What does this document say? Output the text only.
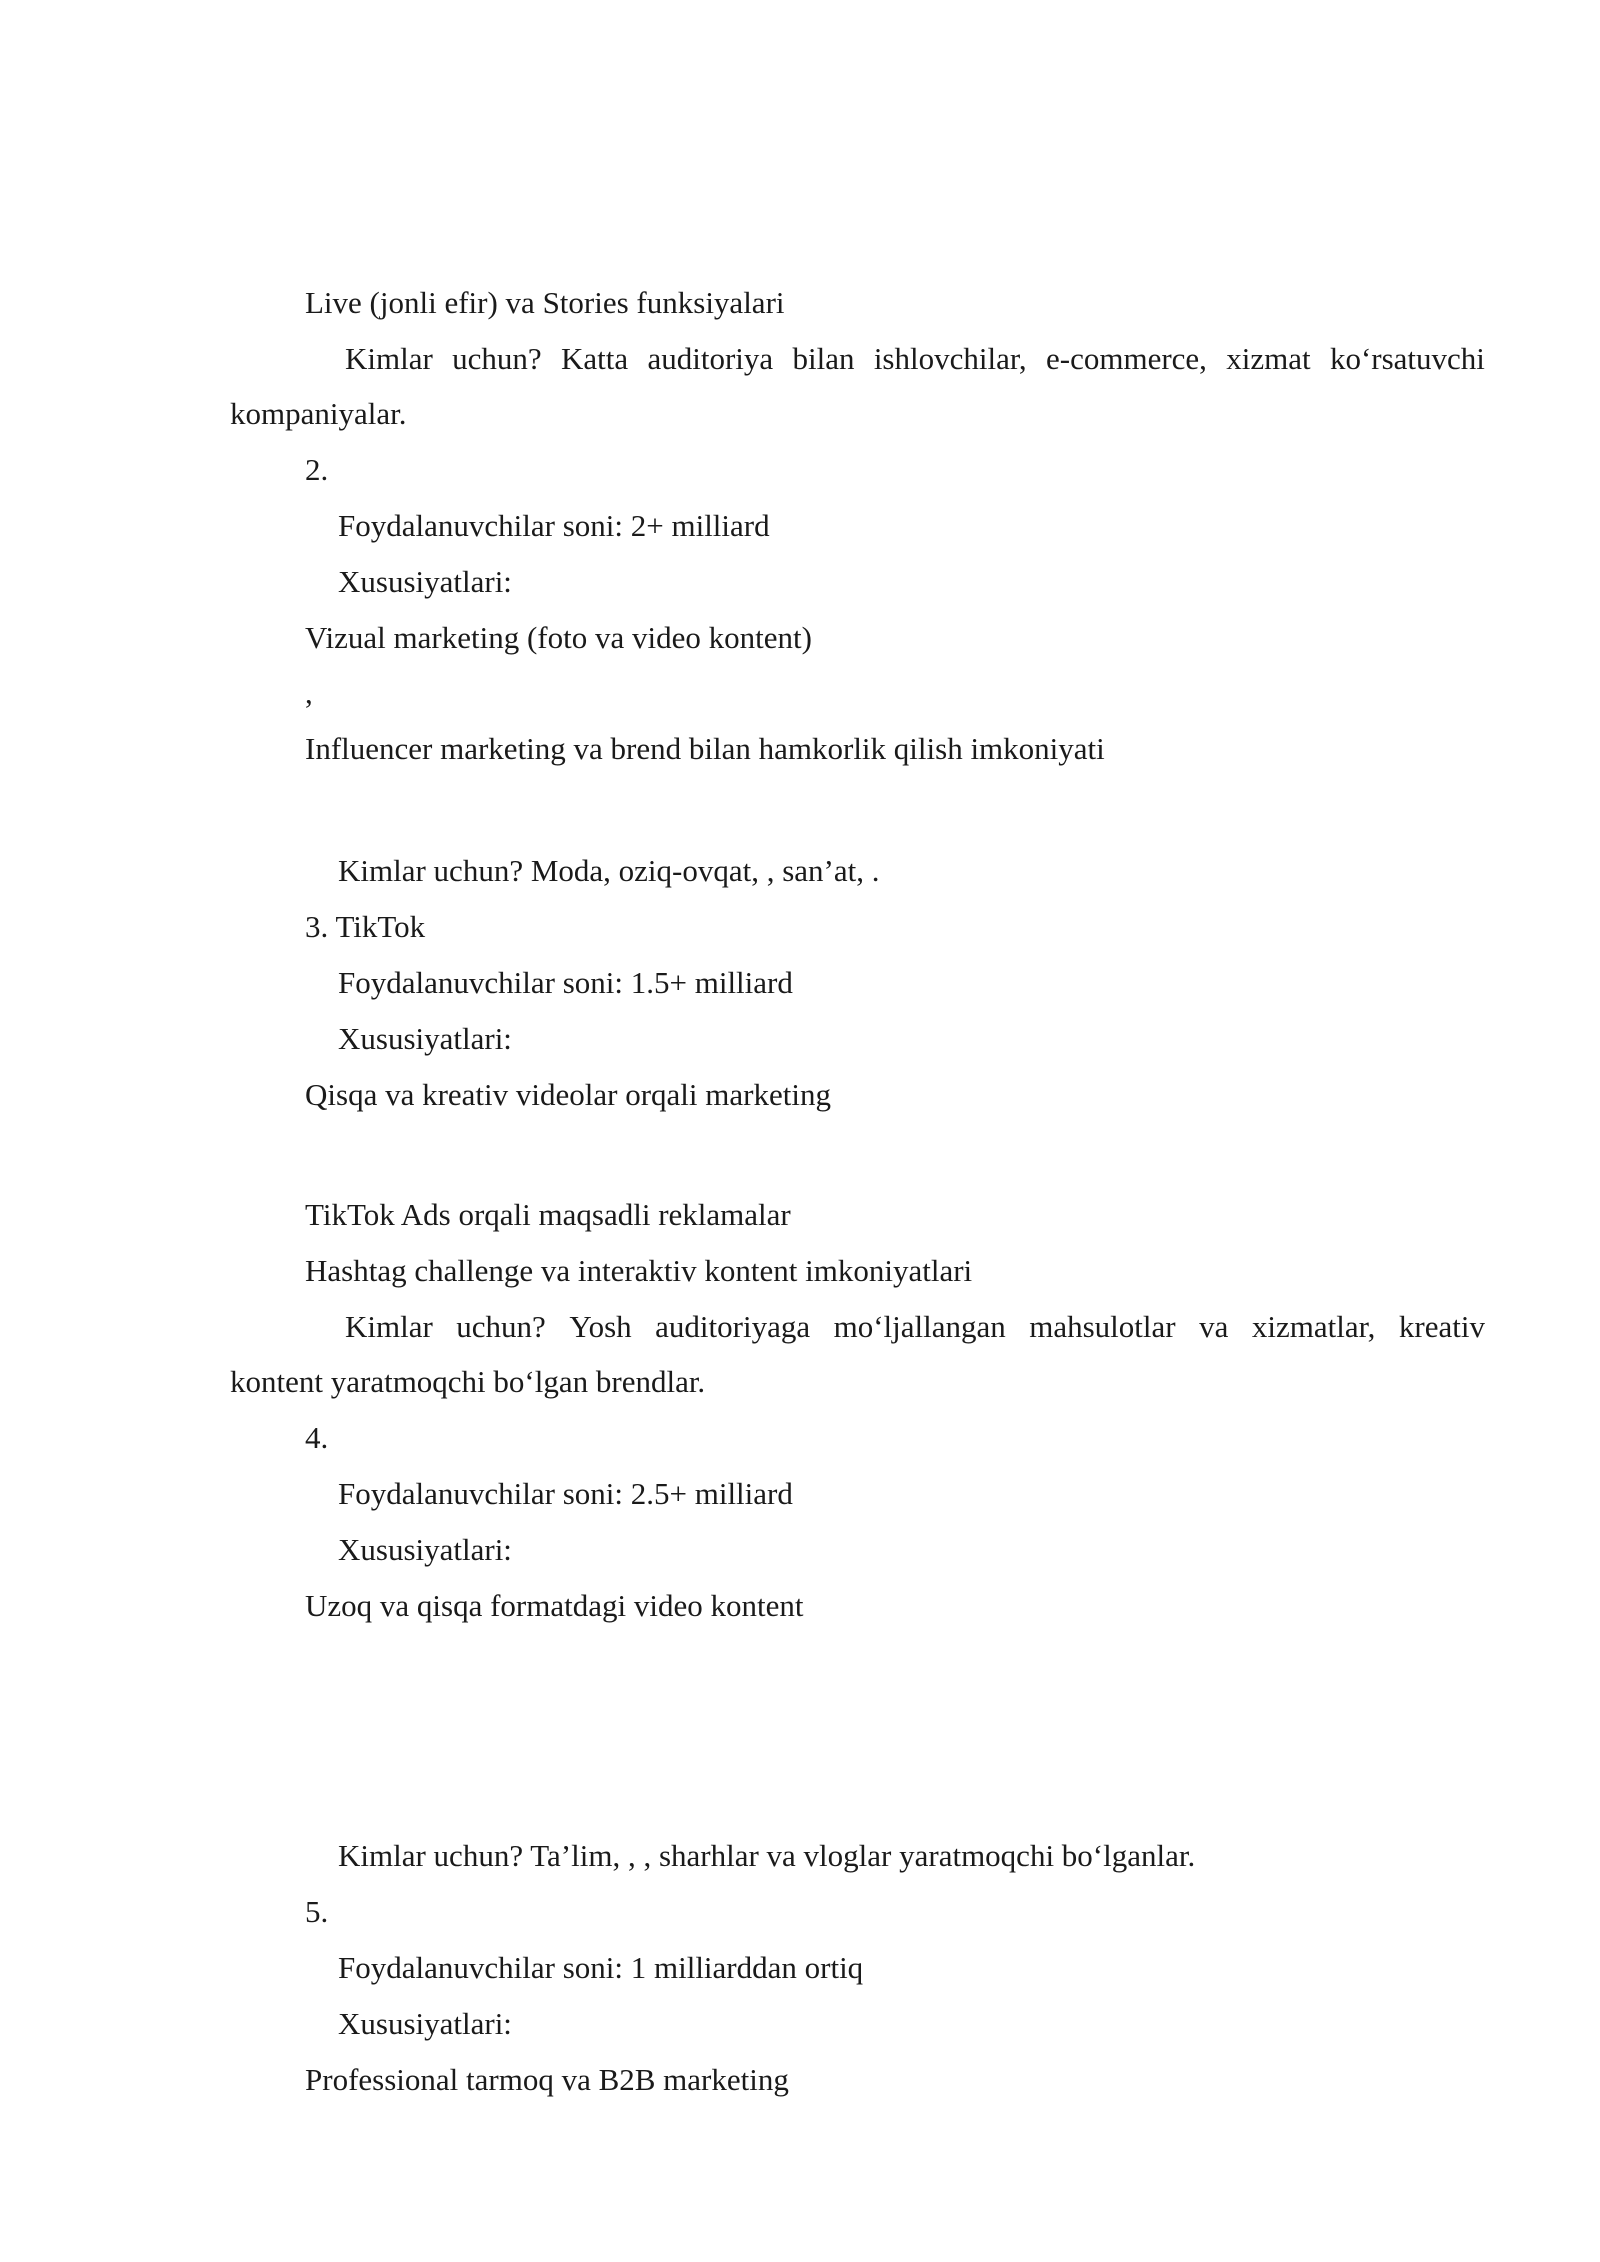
Live (jonli efir) va Stories funksiyalari
Kimlar uchun? Katta auditoriya bilan ishlovchilar, e-commerce, xizmat ko‘rsatuvchi
kompaniyalar.
2.
Foydalanuvchilar soni: 2+ milliard
Xususiyatlari:
Vizual marketing (foto va video kontent)
,
Influencer marketing va brend bilan hamkorlik qilish imkoniyati
Kimlar uchun? Moda, oziq-ovqat, , san’at, .
3. TikTok
Foydalanuvchilar soni: 1.5+ milliard
Xususiyatlari:
Qisqa va kreativ videolar orqali marketing
TikTok Ads orqali maqsadli reklamalar
Hashtag challenge va interaktiv kontent imkoniyatlari
Kimlar uchun? Yosh auditoriyaga mo‘ljallangan mahsulotlar va xizmatlar, kreativ
kontent yaratmoqchi bo‘lgan brendlar.
4.
Foydalanuvchilar soni: 2.5+ milliard
Xususiyatlari:
Uzoq va qisqa formatdagi video kontent
Kimlar uchun? Ta’lim, , , sharhlar va vloglar yaratmoqchi bo‘lganlar.
5.
Foydalanuvchilar soni: 1 milliarddan ortiq
Xususiyatlari:
Professional tarmoq va B2B marketing
